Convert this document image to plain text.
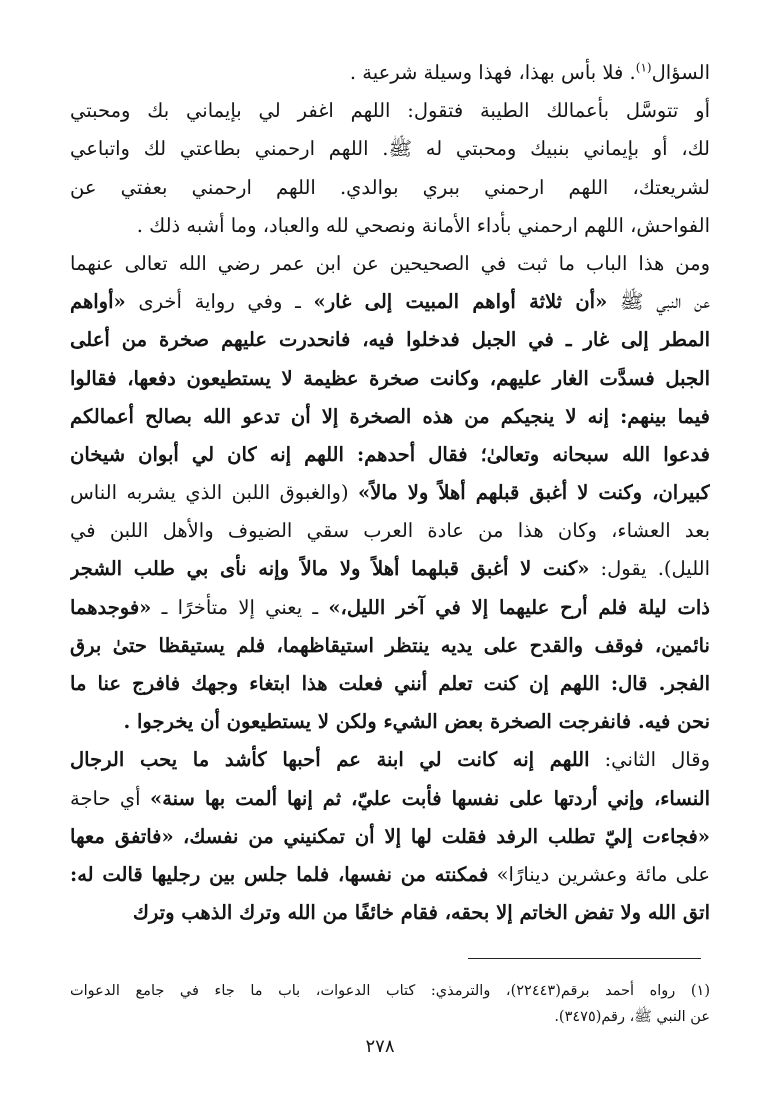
السؤال$^{(١)}$. فلا بأس بهذا، فهذا وسيلة شرعية .
أو تتوسَّل بأعمالك الطيبة فتقول: اللهم اغفر لي بإيماني بك ومحبتي
لك، أو بإيماني بنبيك ومحبتي له ﷺ. اللهم ارحمني بطاعتي لك واتباعي
لشريعتك، اللهم ارحمني ببري بوالدي. اللهم ارحمني بعفتي عن
الفواحش، اللهم ارحمني بأداء الأمانة ونصحي لله والعباد، وما أشبه ذلك .
ومن هذا الباب ما ثبت في الصحيحين عن ابن عمر رضي الله تعالى عنهما
عن النبي ﷺ «أن ثلاثة أواهم المبيت إلى غار» ـ وفي رواية أخرى «أواهم
المطر إلى غار ـ في الجبل فدخلوا فيه، فانحدرت عليهم صخرة من أعلى
الجبل فسدَّت الغار عليهم، وكانت صخرة عظيمة لا يستطيعون دفعها، فقالوا
فيما بينهم: إنه لا ينجيكم من هذه الصخرة إلا أن تدعو الله بصالح أعمالكم
فدعوا الله سبحانه وتعالىٰ؛ فقال أحدهم: اللهم إنه كان لي أبوان شيخان
كبيران، وكنت لا أغبق قبلهم أهلاً ولا مالاً» (والغبوق اللبن الذي يشربه الناس
بعد العشاء، وكان هذا من عادة العرب سقي الضيوف والأهل اللبن في
الليل). يقول: «كنت لا أغبق قبلهما أهلاً ولا مالاً وإنه نأى بي طلب الشجر
ذات ليلة فلم أرح عليهما إلا في آخر الليل،» ـ يعني إلا متأخرًا ـ «فوجدهما
نائمين، فوقف والقدح على يديه ينتظر استيقاظهما، فلم يستيقظا حتىٰ برق
الفجر. قال: اللهم إن كنت تعلم أنني فعلت هذا ابتغاء وجهك فافرج عنا ما
نحن فيه. فانفرجت الصخرة بعض الشيء ولكن لا يستطيعون أن يخرجوا .
وقال الثاني: اللهم إنه كانت لي ابنة عم أحبها كأشد ما يحب الرجال
النساء، وإني أردتها على نفسها فأبت عليّ، ثم إنها ألمت بها سنة» أي حاجة
«فجاءت إليّ تطلب الرفد فقلت لها إلا أن تمكنيني من نفسك، «فاتفق معها
على مائة وعشرين دينارًا» فمكنته من نفسها، فلما جلس بين رجليها قالت له:
اتق الله ولا تفض الخاتم إلا بحقه، فقام خائفًا من الله وترك الذهب وترك
(١) رواه أحمد برقم(٢٢٤٤٣)، والترمذي: كتاب الدعوات، باب ما جاء في جامع الدعوات
عن النبي ﷺ، رقم(٣٤٧٥).
٢٧٨
